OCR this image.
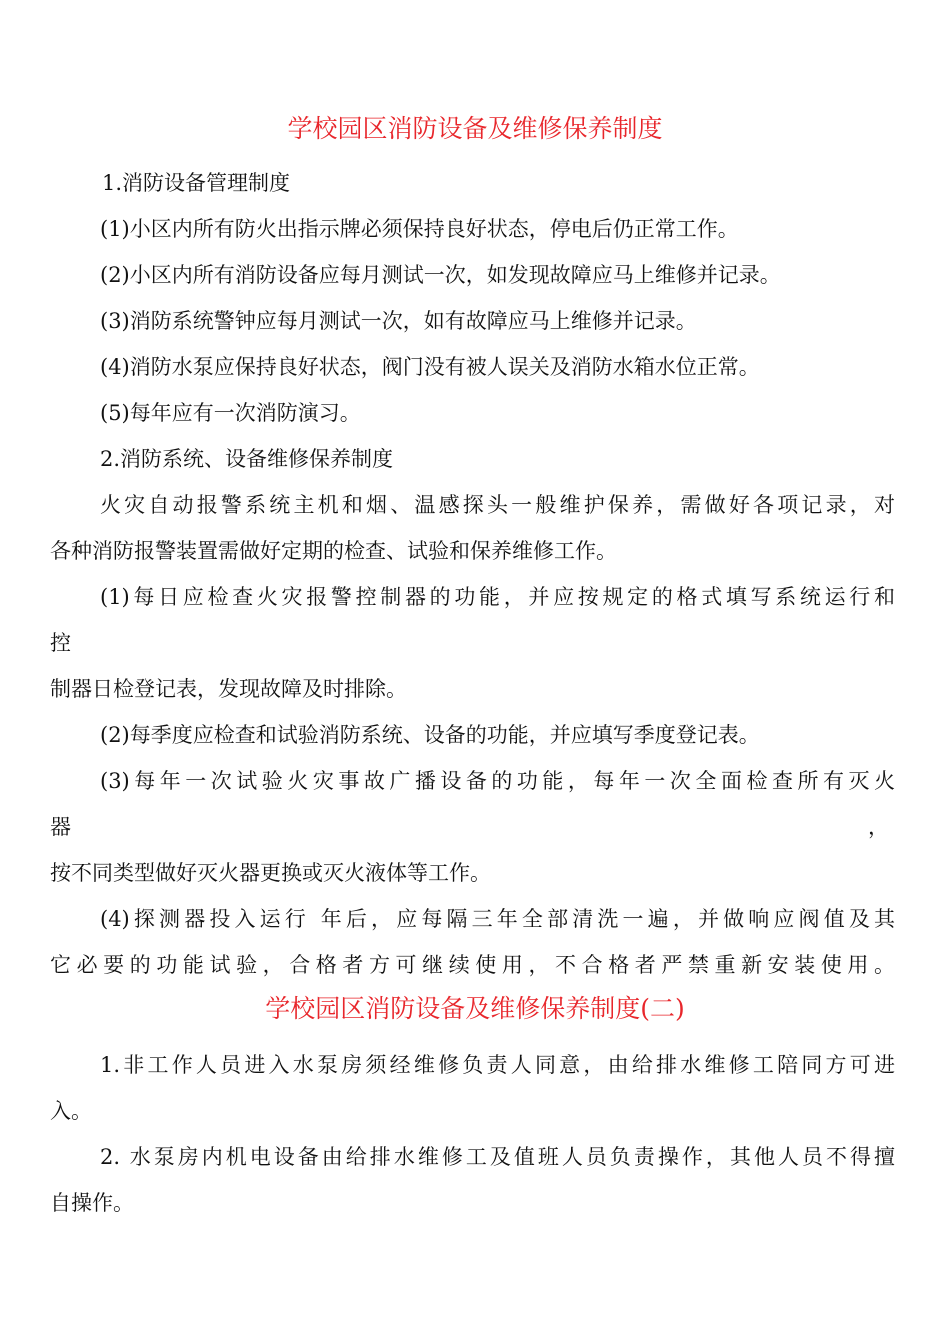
学校园区消防设备及维修保养制度
1.消防设备管理制度
(1)小区内所有防火出指示牌必须保持良好状态，停电后仍正常工作。
(2)小区内所有消防设备应每月测试一次，如发现故障应马上维修并记录。
(3)消防系统警钟应每月测试一次，如有故障应马上维修并记录。
(4)消防水泵应保持良好状态，阀门没有被人误关及消防水箱水位正常。
(5)每年应有一次消防演习。
2.消防系统、设备维修保养制度
火灾自动报警系统主机和烟、温感探头一般维护保养，需做好各项记录，对
各种消防报警装置需做好定期的检查、试验和保养维修工作。
(1)每日应检查火灾报警控制器的功能，并应按规定的格式填写系统运行和
控
制器日检登记表，发现故障及时排除。
(2)每季度应检查和试验消防系统、设备的功能，并应填写季度登记表。
(3)每年一次试验火灾事故广播设备的功能，每年一次全面检查所有灭火
器	，
按不同类型做好灭火器更换或灭火液体等工作。
(4)探测器投入运行 年后，应每隔三年全部清洗一遍，并做响应阀值及其
它必要的功能试验，合格者方可继续使用，不合格者严禁重新安装使用。
学校园区消防设备及维修保养制度(二)
1.非工作人员进入水泵房须经维修负责人同意，由给排水维修工陪同方可进
入。
2. 水泵房内机电设备由给排水维修工及值班人员负责操作，其他人员不得擅
自操作。
